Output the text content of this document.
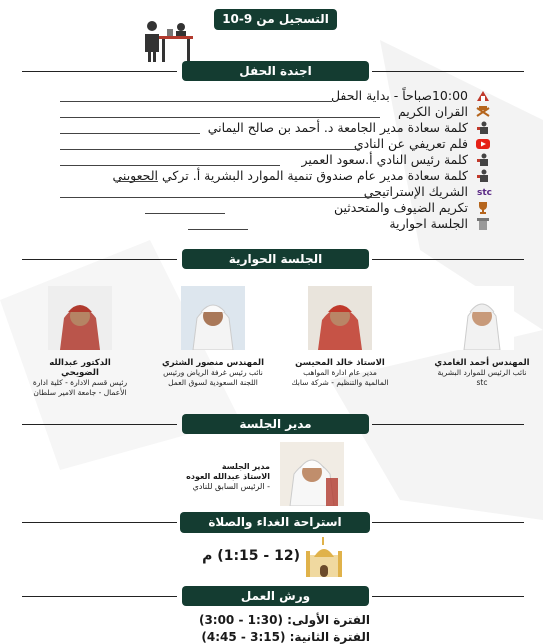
التسجيل من 9-10
اجندة الحفل
10:00صباحاً - بداية الحفل
القران الكريم
كلمة سعادة مدير الجامعة د. أحمد بن صالح اليماني
فلم تعريفي عن النادي
كلمة رئيس النادي أ.سعود العمير
كلمة سعادة مدير عام صندوق تنمية الموارد البشرية أ. تركي الجعويني
stc
الشريك الإستراتيجي
تكريم الضيوف والمتحدثين
الجلسة احوارية
الجلسة الحوارية
المهندس أحمد الغامدي
نائب الرئيس للموارد البشرية stc
الاستاذ خالد المحيسن
مدير عام ادارة المواهب المالمية والتنظيم - شركة سابك
المهندس منصور الشثري
نائب رئيس غرفة الرياض ورئيس اللجنة السعودية لسوق العمل
الدكتور عبدالله الضويحي
رئيس قسم الادارة - كلية ادارة الأعمال - جامعة الامير سلطان
مدير الجلسة
مدير الجلسة
الاستاذ عبدالله العوده
- الرئيس السابق للنادي
استراحة الغداء والصلاة
(12 - 1:15) م
ورش العمل
الفترة الأولى: (1:30 - 3:00)
الفترة الثانية: (3:15 - 4:45)
